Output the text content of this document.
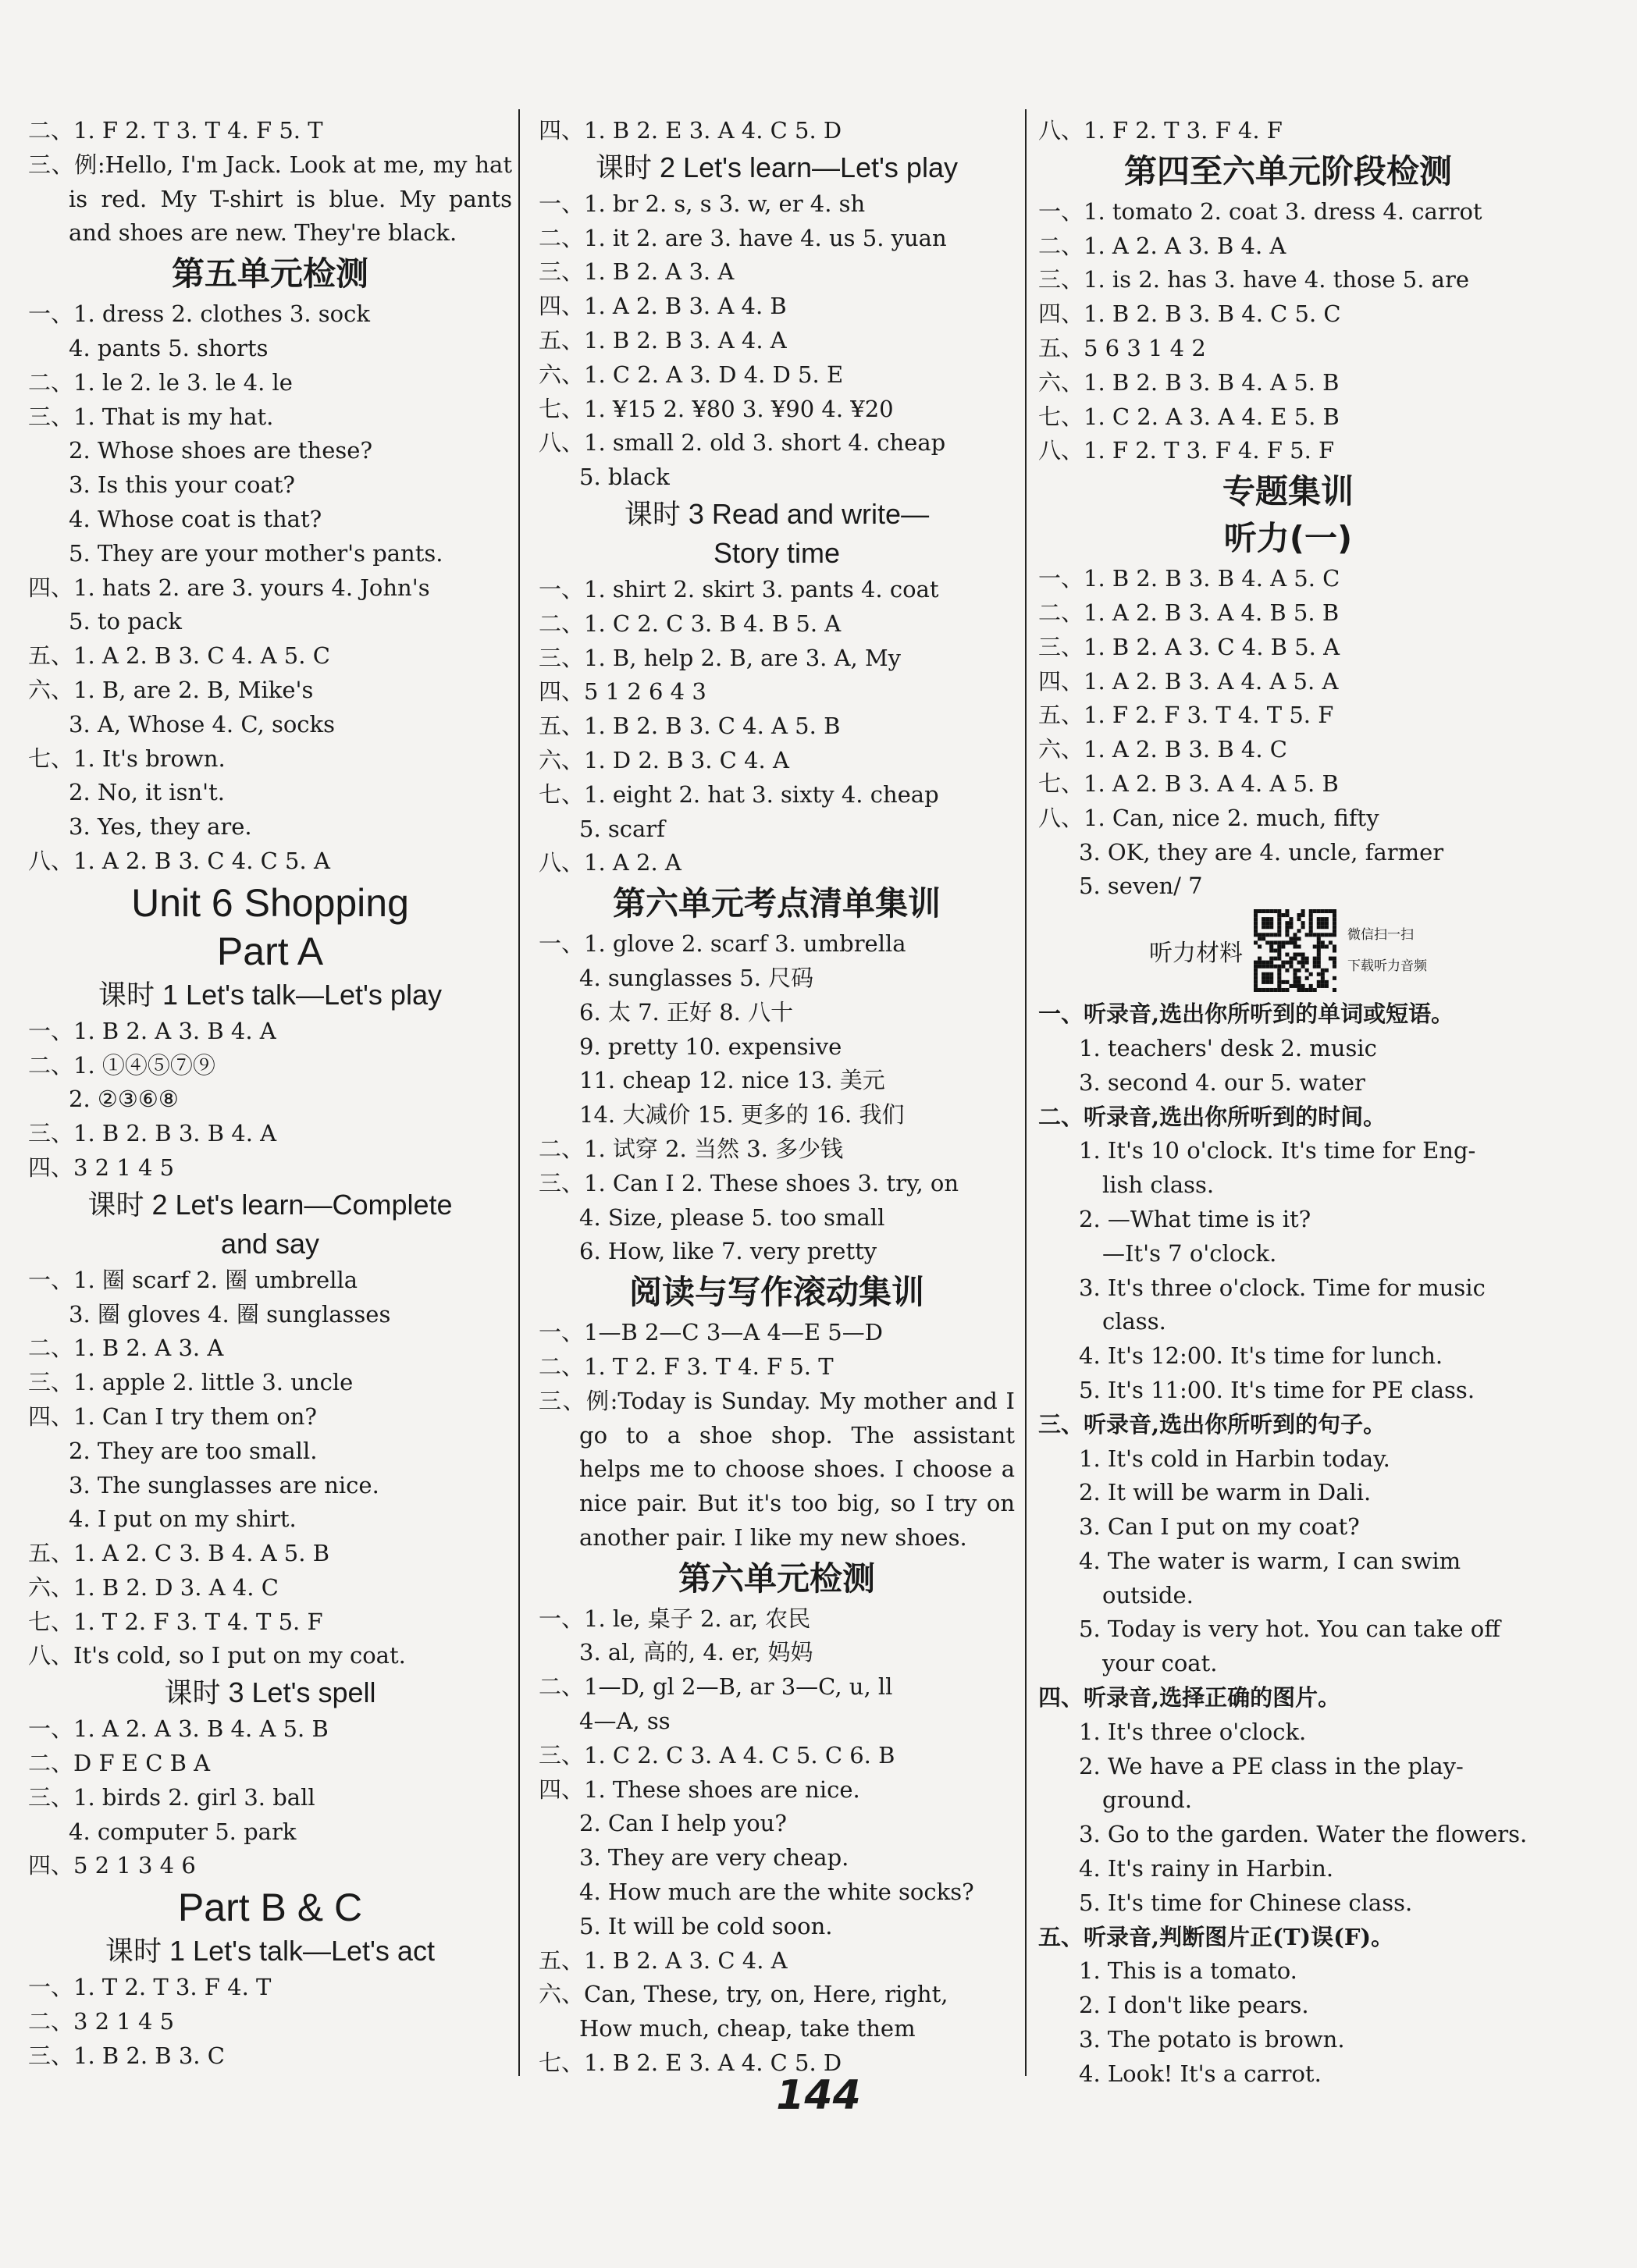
二、1. F 2. T 3. T 4. F 5. T
三、例:Hello, I'm Jack. Look at me, my hat is red. My T-shirt is blue. My pants and shoes are new. They're black.
第五单元检测
一、1. dress 2. clothes 3. sock
4. pants 5. shorts
二、1. le 2. le 3. le 4. le
三、1. That is my hat.
2. Whose shoes are these?
3. Is this your coat?
4. Whose coat is that?
5. They are your mother's pants.
四、1. hats 2. are 3. yours 4. John's
5. to pack
五、1. A 2. B 3. C 4. A 5. C
六、1. B, are 2. B, Mike's
3. A, Whose 4. C, socks
七、1. It's brown.
2. No, it isn't.
3. Yes, they are.
八、1. A 2. B 3. C 4. C 5. A
Unit 6 Shopping
Part A
课时 1 Let's talk—Let's play
一、1. B 2. A 3. B 4. A
二、1. ①④⑤⑦⑨
2. ②③⑥⑧
三、1. B 2. B 3. B 4. A
四、3 2 1 4 5
课时 2 Let's learn—Complete
and say
一、1. 圈 scarf 2. 圈 umbrella
3. 圈 gloves 4. 圈 sunglasses
二、1. B 2. A 3. A
三、1. apple 2. little 3. uncle
四、1. Can I try them on?
2. They are too small.
3. The sunglasses are nice.
4. I put on my shirt.
五、1. A 2. C 3. B 4. A 5. B
六、1. B 2. D 3. A 4. C
七、1. T 2. F 3. T 4. T 5. F
八、It's cold, so I put on my coat.
课时 3 Let's spell
一、1. A 2. A 3. B 4. A 5. B
二、D F E C B A
三、1. birds 2. girl 3. ball
4. computer 5. park
四、5 2 1 3 4 6
Part B & C
课时 1 Let's talk—Let's act
一、1. T 2. T 3. F 4. T
二、3 2 1 4 5
三、1. B 2. B 3. C
四、1. B 2. E 3. A 4. C 5. D
课时 2 Let's learn—Let's play
一、1. br 2. s, s 3. w, er 4. sh
二、1. it 2. are 3. have 4. us 5. yuan
三、1. B 2. A 3. A
四、1. A 2. B 3. A 4. B
五、1. B 2. B 3. A 4. A
六、1. C 2. A 3. D 4. D 5. E
七、1. ¥15 2. ¥80 3. ¥90 4. ¥20
八、1. small 2. old 3. short 4. cheap
5. black
课时 3 Read and write—
Story time
一、1. shirt 2. skirt 3. pants 4. coat
二、1. C 2. C 3. B 4. B 5. A
三、1. B, help 2. B, are 3. A, My
四、5 1 2 6 4 3
五、1. B 2. B 3. C 4. A 5. B
六、1. D 2. B 3. C 4. A
七、1. eight 2. hat 3. sixty 4. cheap
5. scarf
八、1. A 2. A
第六单元考点清单集训
一、1. glove 2. scarf 3. umbrella
4. sunglasses 5. 尺码
6. 太 7. 正好 8. 八十
9. pretty 10. expensive
11. cheap 12. nice 13. 美元
14. 大减价 15. 更多的 16. 我们
二、1. 试穿 2. 当然 3. 多少钱
三、1. Can I 2. These shoes 3. try, on
4. Size, please 5. too small
6. How, like 7. very pretty
阅读与写作滚动集训
一、1—B 2—C 3—A 4—E 5—D
二、1. T 2. F 3. T 4. F 5. T
三、例:Today is Sunday. My mother and I go to a shoe shop. The assistant helps me to choose shoes. I choose a nice pair. But it's too big, so I try on another pair. I like my new shoes.
第六单元检测
一、1. le, 桌子 2. ar, 农民
3. al, 高的, 4. er, 妈妈
二、1—D, gl 2—B, ar 3—C, u, ll
4—A, ss
三、1. C 2. C 3. A 4. C 5. C 6. B
四、1. These shoes are nice.
2. Can I help you?
3. They are very cheap.
4. How much are the white socks?
5. It will be cold soon.
五、1. B 2. A 3. C 4. A
六、Can, These, try, on, Here, right,
How much, cheap, take them
七、1. B 2. E 3. A 4. C 5. D
八、1. F 2. T 3. F 4. F
第四至六单元阶段检测
一、1. tomato 2. coat 3. dress 4. carrot
二、1. A 2. A 3. B 4. A
三、1. is 2. has 3. have 4. those 5. are
四、1. B 2. B 3. B 4. C 5. C
五、5 6 3 1 4 2
六、1. B 2. B 3. B 4. A 5. B
七、1. C 2. A 3. A 4. E 5. B
八、1. F 2. T 3. F 4. F 5. F
专题集训
听力(一)
一、1. B 2. B 3. B 4. A 5. C
二、1. A 2. B 3. A 4. B 5. B
三、1. B 2. A 3. C 4. B 5. A
四、1. A 2. B 3. A 4. A 5. A
五、1. F 2. F 3. T 4. T 5. F
六、1. A 2. B 3. B 4. C
七、1. A 2. B 3. A 4. A 5. B
八、1. Can, nice 2. much, fifty
3. OK, they are 4. uncle, farmer
5. seven/ 7
听力材料
微信扫一扫
下载听力音频
一、听录音,选出你所听到的单词或短语。
1. teachers' desk 2. music
3. second 4. our 5. water
二、听录音,选出你所听到的时间。
1. It's 10 o'clock. It's time for Eng-
lish class.
2. —What time is it?
—It's 7 o'clock.
3. It's three o'clock. Time for music
class.
4. It's 12:00. It's time for lunch.
5. It's 11:00. It's time for PE class.
三、听录音,选出你所听到的句子。
1. It's cold in Harbin today.
2. It will be warm in Dali.
3. Can I put on my coat?
4. The water is warm, I can swim
outside.
5. Today is very hot. You can take off
your coat.
四、听录音,选择正确的图片。
1. It's three o'clock.
2. We have a PE class in the play-
ground.
3. Go to the garden. Water the flowers.
4. It's rainy in Harbin.
5. It's time for Chinese class.
五、听录音,判断图片正(T)误(F)。
1. This is a tomato.
2. I don't like pears.
3. The potato is brown.
4. Look! It's a carrot.
144
